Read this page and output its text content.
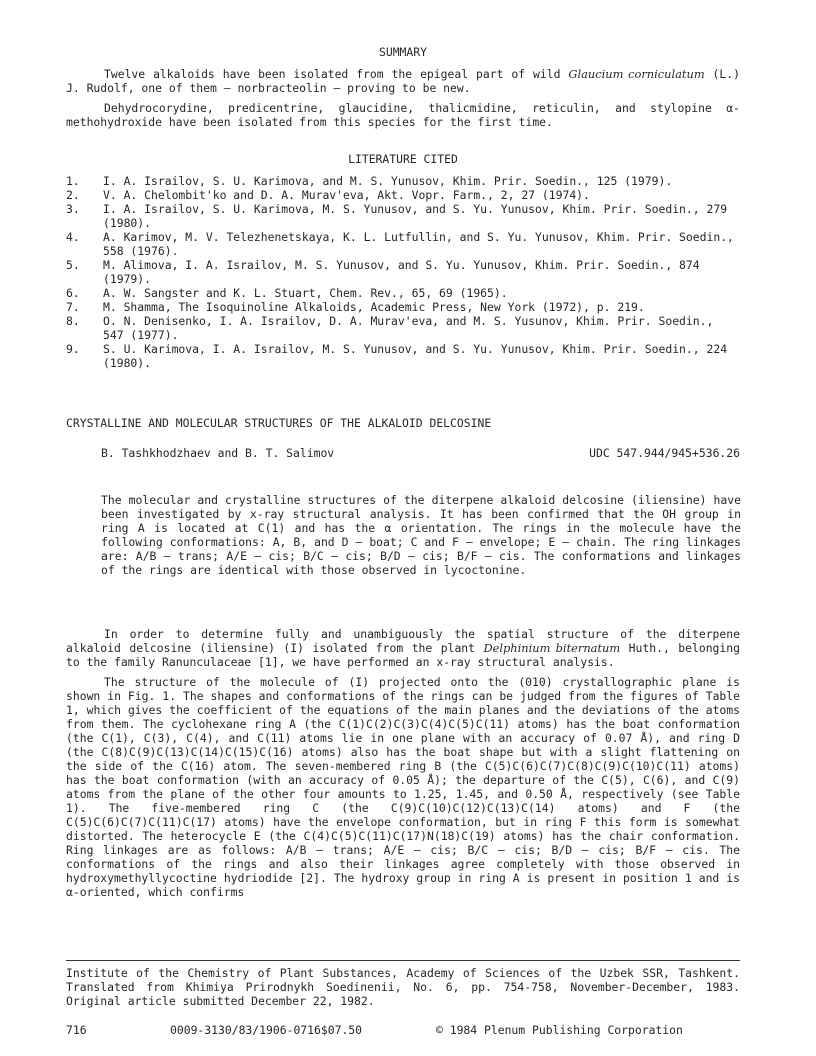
SUMMARY

Twelve alkaloids have been isolated from the epigeal part of wild Glaucium corniculatum (L.) J. Rudolf, one of them — norbracteolin — proving to be new.

Dehydrocorydine, predicentrine, glaucidine, thalicmidine, reticulin, and stylopine α-methohydroxide have been isolated from this species for the first time.

LITERATURE CITED
1.	I. A. Israilov, S. U. Karimova, and M. S. Yunusov, Khim. Prir. Soedin., 125 (1979).
2.	V. A. Chelombit'ko and D. A. Murav'eva, Akt. Vopr. Farm., 2, 27 (1974).
3.	I. A. Israilov, S. U. Karimova, M. S. Yunusov, and S. Yu. Yunusov, Khim. Prir. Soedin., 279 (1980).
4.	A. Karimov, M. V. Telezhenetskaya, K. L. Lutfullin, and S. Yu. Yunusov, Khim. Prir. Soedin., 558 (1976).
5.	M. Alimova, I. A. Israilov, M. S. Yunusov, and S. Yu. Yunusov, Khim. Prir. Soedin., 874 (1979).
6.	A. W. Sangster and K. L. Stuart, Chem. Rev., 65, 69 (1965).
7.	M. Shamma, The Isoquinoline Alkaloids, Academic Press, New York (1972), p. 219.
8.	O. N. Denisenko, I. A. Israilov, D. A. Murav'eva, and M. S. Yusunov, Khim. Prir. Soedin., 547 (1977).
9.	S. U. Karimova, I. A. Israilov, M. S. Yunusov, and S. Yu. Yunusov, Khim. Prir. Soedin., 224 (1980).
CRYSTALLINE AND MOLECULAR STRUCTURES OF THE ALKALOID DELCOSINE
B. Tashkhodzhaev and B. T. Salimov	UDC 547.944/945+536.26

The molecular and crystalline structures of the diterpene alkaloid delcosine (iliensine) have been investigated by x-ray structural analysis. It has been confirmed that the OH group in ring A is located at C(1) and has the α orientation. The rings in the molecule have the following conformations: A, B, and D — boat; C and F — envelope; E — chain. The ring linkages are: A/B — trans; A/E — cis; B/C — cis; B/D — cis; B/F — cis. The conformations and linkages of the rings are identical with those observed in lycoctonine.

In order to determine fully and unambiguously the spatial structure of the diterpene alkaloid delcosine (iliensine) (I) isolated from the plant Delphinium biternatum Huth., belonging to the family Ranunculaceae [1], we have performed an x-ray structural analysis.

The structure of the molecule of (I) projected onto the (010) crystallographic plane is shown in Fig. 1. The shapes and conformations of the rings can be judged from the figures of Table 1, which gives the coefficient of the equations of the main planes and the deviations of the atoms from them. The cyclohexane ring A (the C(1)C(2)C(3)C(4)C(5)C(11) atoms) has the boat conformation (the C(1), C(3), C(4), and C(11) atoms lie in one plane with an accuracy of 0.07 Å), and ring D (the C(8)C(9)C(13)C(14)C(15)C(16) atoms) also has the boat shape but with a slight flattening on the side of the C(16) atom. The seven-membered ring B (the C(5)C(6)C(7)C(8)C(9)C(10)C(11) atoms) has the boat conformation (with an accuracy of 0.05 Å); the departure of the C(5), C(6), and C(9) atoms from the plane of the other four amounts to 1.25, 1.45, and 0.50 Å, respectively (see Table 1). The five-membered ring C (the C(9)C(10)C(12)C(13)C(14) atoms) and F (the C(5)C(6)C(7)C(11)C(17) atoms) have the envelope conformation, but in ring F this form is somewhat distorted. The heterocycle E (the C(4)C(5)C(11)C(17)N(18)C(19) atoms) has the chair conformation. Ring linkages are as follows: A/B — trans; A/E — cis; B/C — cis; B/D — cis; B/F — cis. The conformations of the rings and also their linkages agree completely with those observed in hydroxymethyllycoctine hydriodide [2]. The hydroxy group in ring A is present in position 1 and is α-oriented, which confirms

Institute of the Chemistry of Plant Substances, Academy of Sciences of the Uzbek SSR, Tashkent. Translated from Khimiya Prirodnykh Soedinenii, No. 6, pp. 754-758, November-December, 1983. Original article submitted December 22, 1982.

716	0009-3130/83/1906-0716$07.50	© 1984 Plenum Publishing Corporation
